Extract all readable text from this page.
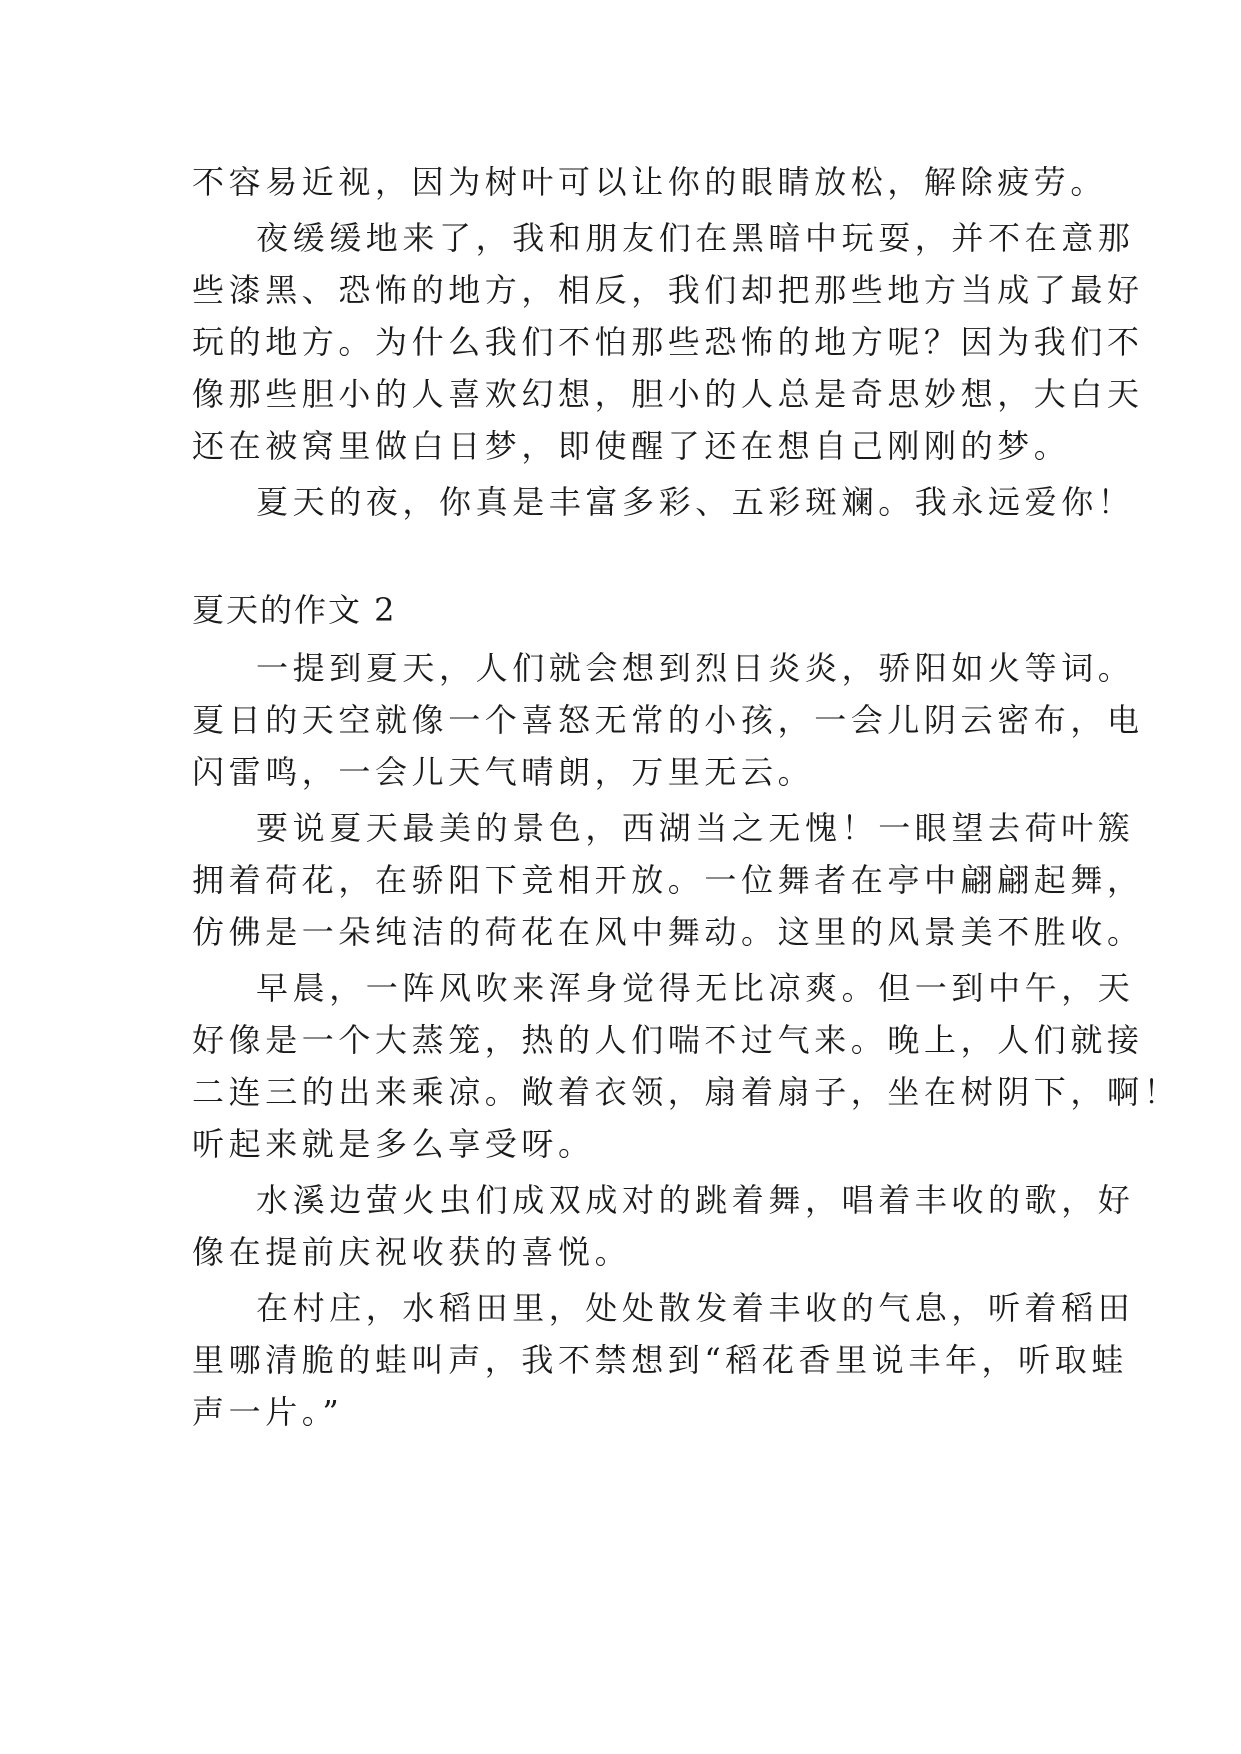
不容易近视，因为树叶可以让你的眼睛放松，解除疲劳。

夜缓缓地来了，我和朋友们在黑暗中玩耍，并不在意那

些漆黑、恐怖的地方，相反，我们却把那些地方当成了最好

玩的地方。为什么我们不怕那些恐怖的地方呢？因为我们不

像那些胆小的人喜欢幻想，胆小的人总是奇思妙想，大白天

还在被窝里做白日梦，即使醒了还在想自己刚刚的梦。

夏天的夜，你真是丰富多彩、五彩斑斓。我永远爱你！

夏天的作文 2

一提到夏天，人们就会想到烈日炎炎，骄阳如火等词。

夏日的天空就像一个喜怒无常的小孩，一会儿阴云密布，电

闪雷鸣，一会儿天气晴朗，万里无云。

要说夏天最美的景色，西湖当之无愧！一眼望去荷叶簇

拥着荷花，在骄阳下竞相开放。一位舞者在亭中翩翩起舞，

仿佛是一朵纯洁的荷花在风中舞动。这里的风景美不胜收。

早晨，一阵风吹来浑身觉得无比凉爽。但一到中午，天

好像是一个大蒸笼，热的人们喘不过气来。晚上，人们就接

二连三的出来乘凉。敞着衣领，扇着扇子，坐在树阴下，啊！

听起来就是多么享受呀。

水溪边萤火虫们成双成对的跳着舞，唱着丰收的歌，好

像在提前庆祝收获的喜悦。

在村庄，水稻田里，处处散发着丰收的气息，听着稻田

里哪清脆的蛙叫声，我不禁想到“稻花香里说丰年，听取蛙

声一片。”
